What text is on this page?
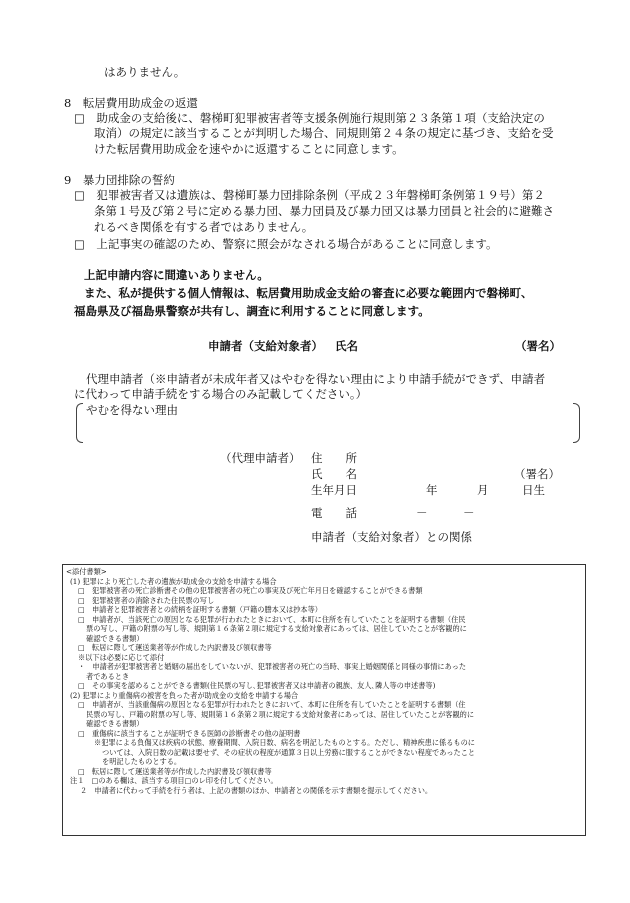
はありません。
8　転居費用助成金の返還
□　助成金の支給後に、磐梯町犯罪被害者等支援条例施行規則第２３条第１項（支給決定の
取消）の規定に該当することが判明した場合、同規則第２４条の規定に基づき、支給を受
けた転居費用助成金を速やかに返還することに同意します。
9　暴力団排除の誓約
□　犯罪被害者又は遺族は、磐梯町暴力団排除条例（平成２３年磐梯町条例第１９号）第２
条第１号及び第２号に定める暴力団、暴力団員及び暴力団又は暴力団員と社会的に避難さ
れるべき関係を有する者ではありません。
□　上記事実の確認のため、警察に照会がなされる場合があることに同意します。
上記申請内容に間違いありません。
また、私が提供する個人情報は、転居費用助成金支給の審査に必要な範囲内で磐梯町、
福島県及び福島県警察が共有し、調査に利用することに同意します。
申請者（支給対象者） 氏名	（署名）
代理申請者（※申請者が未成年者又はやむを得ない理由により申請手続ができず、申請者
に代わって申請手続をする場合のみ記載してください。）
やむを得ない理由
（代理申請者） 住　　所
氏　　名	（署名）
生年月日	年	月	日生
電　　話	－	－
申請者（支給対象者）との関係
<添付書類>
(1) 犯罪により死亡した者の遺族が助成金の支給を申請する場合
□　犯罪被害者の死亡診断書その他の犯罪被害者の死亡の事実及び死亡年月日を確認することができる書類
□　犯罪被害者の消除された住民票の写し
□　申請者と犯罪被害者との続柄を証明する書類（戸籍の謄本又は抄本等）
□　申請者が、当該死亡の原因となる犯罪が行われたときにおいて、本町に住所を有していたことを証明する書類（住民
票の写し、戸籍の附票の写し等、規則第１６条第２項に規定する支給対象者にあっては、居住していたことが客観的に
確認できる書類）
□　転居に際して運送業者等が作成した内訳書及び領収書等
※以下は必要に応じて添付
・　申請者が犯罪被害者と婚姻の届出をしていないが、犯罪被害者の死亡の当時、事実上婚姻関係と同様の事情にあった
者であるとき
□　その事実を認めることができる書類(住民票の写し､犯罪被害者又は申請者の親族、友人､隣人等の申述書等)
(2) 犯罪により重傷病の被害を負った者が助成金の支給を申請する場合
□　申請者が、当該重傷病の原因となる犯罪が行われたときにおいて、本町に住所を有していたことを証明する書類（住
民票の写し、戸籍の附票の写し等、規則第１６条第２項に規定する支給対象者にあっては、居住していたことが客観的に
確認できる書類）
□　重傷病に該当することが証明できる医師の診断書その他の証明書
※犯罪による負傷又は疾病の状態、療養期間、入院日数、病名を明記したものとする。ただし、精神疾患に係るものに
ついては、入院日数の記載は要せず、その症状の程度が通算３日以上労務に服することができない程度であったこと
を明記したものとする。
□　転居に際して運送業者等が作成した内訳書及び領収書等
注１　□のある欄は、該当する項目□のレ印を付してください。
２　申請者に代わって手続を行う者は、上記の書類のほか、申請者との関係を示す書類を提示してください。
